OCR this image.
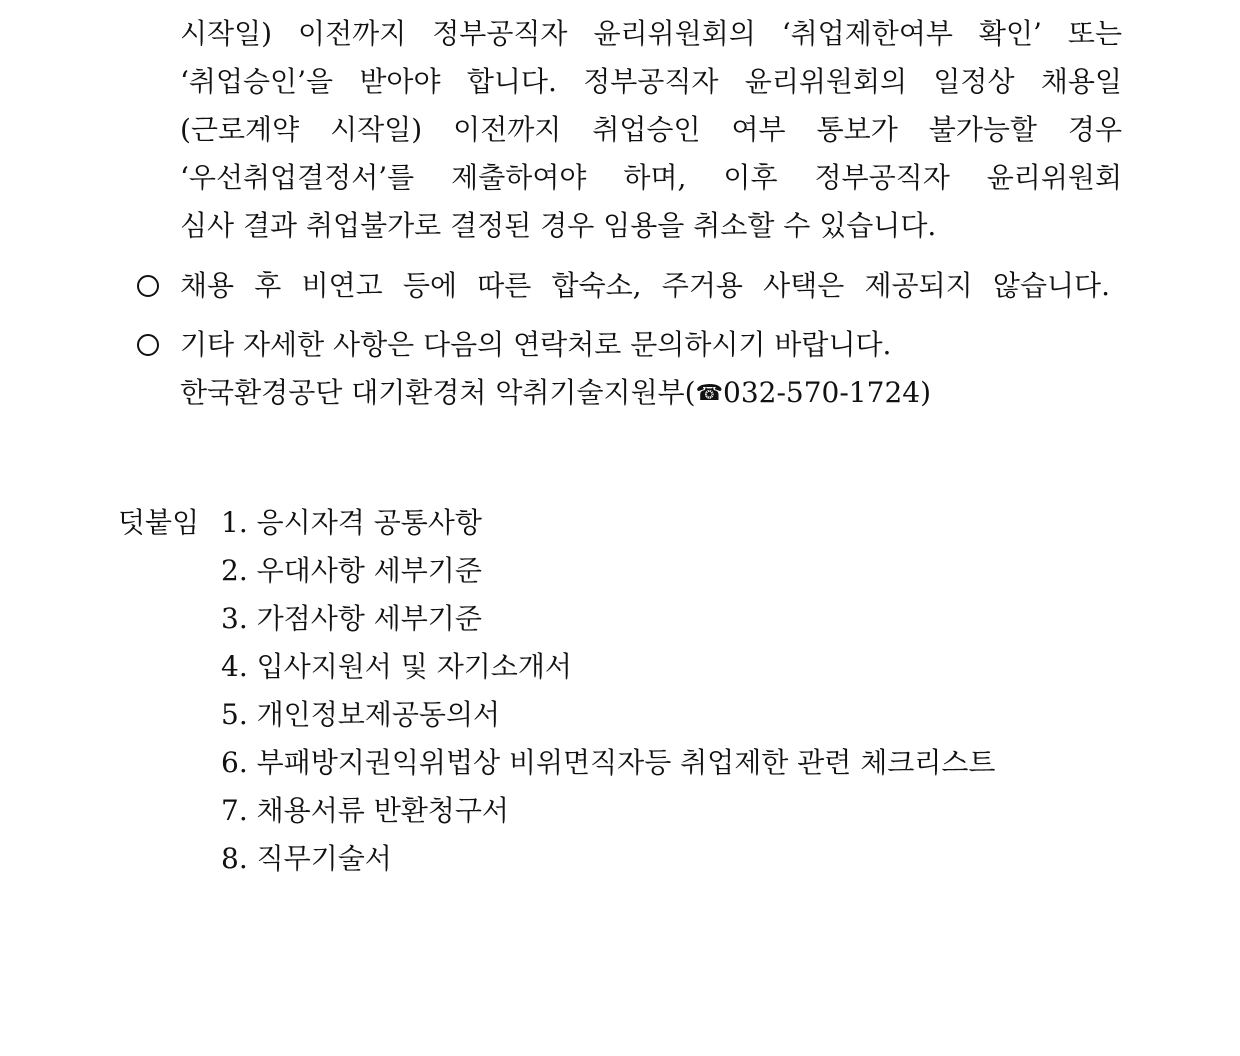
시작일) 이전까지 정부공직자 윤리위원회의 ‘취업제한여부 확인’ 또는
‘취업승인’을 받아야 합니다. 정부공직자 윤리위원회의 일정상 채용일
(근로계약 시작일) 이전까지 취업승인 여부 통보가 불가능할 경우
‘우선취업결정서’를 제출하여야 하며, 이후 정부공직자 윤리위원회
심사 결과 취업불가로 결정된 경우 임용을 취소할 수 있습니다.
채용 후 비연고 등에 따른 합숙소, 주거용 사택은 제공되지 않습니다.
기타 자세한 사항은 다음의 연락처로 문의하시기 바랍니다.
한국환경공단 대기환경처 악취기술지원부(☎032-570-1724)
덧붙임 1. 응시자격 공통사항
2. 우대사항 세부기준
3. 가점사항 세부기준
4. 입사지원서 및 자기소개서
5. 개인정보제공동의서
6. 부패방지권익위법상 비위면직자등 취업제한 관련 체크리스트
7. 채용서류 반환청구서
8. 직무기술서
